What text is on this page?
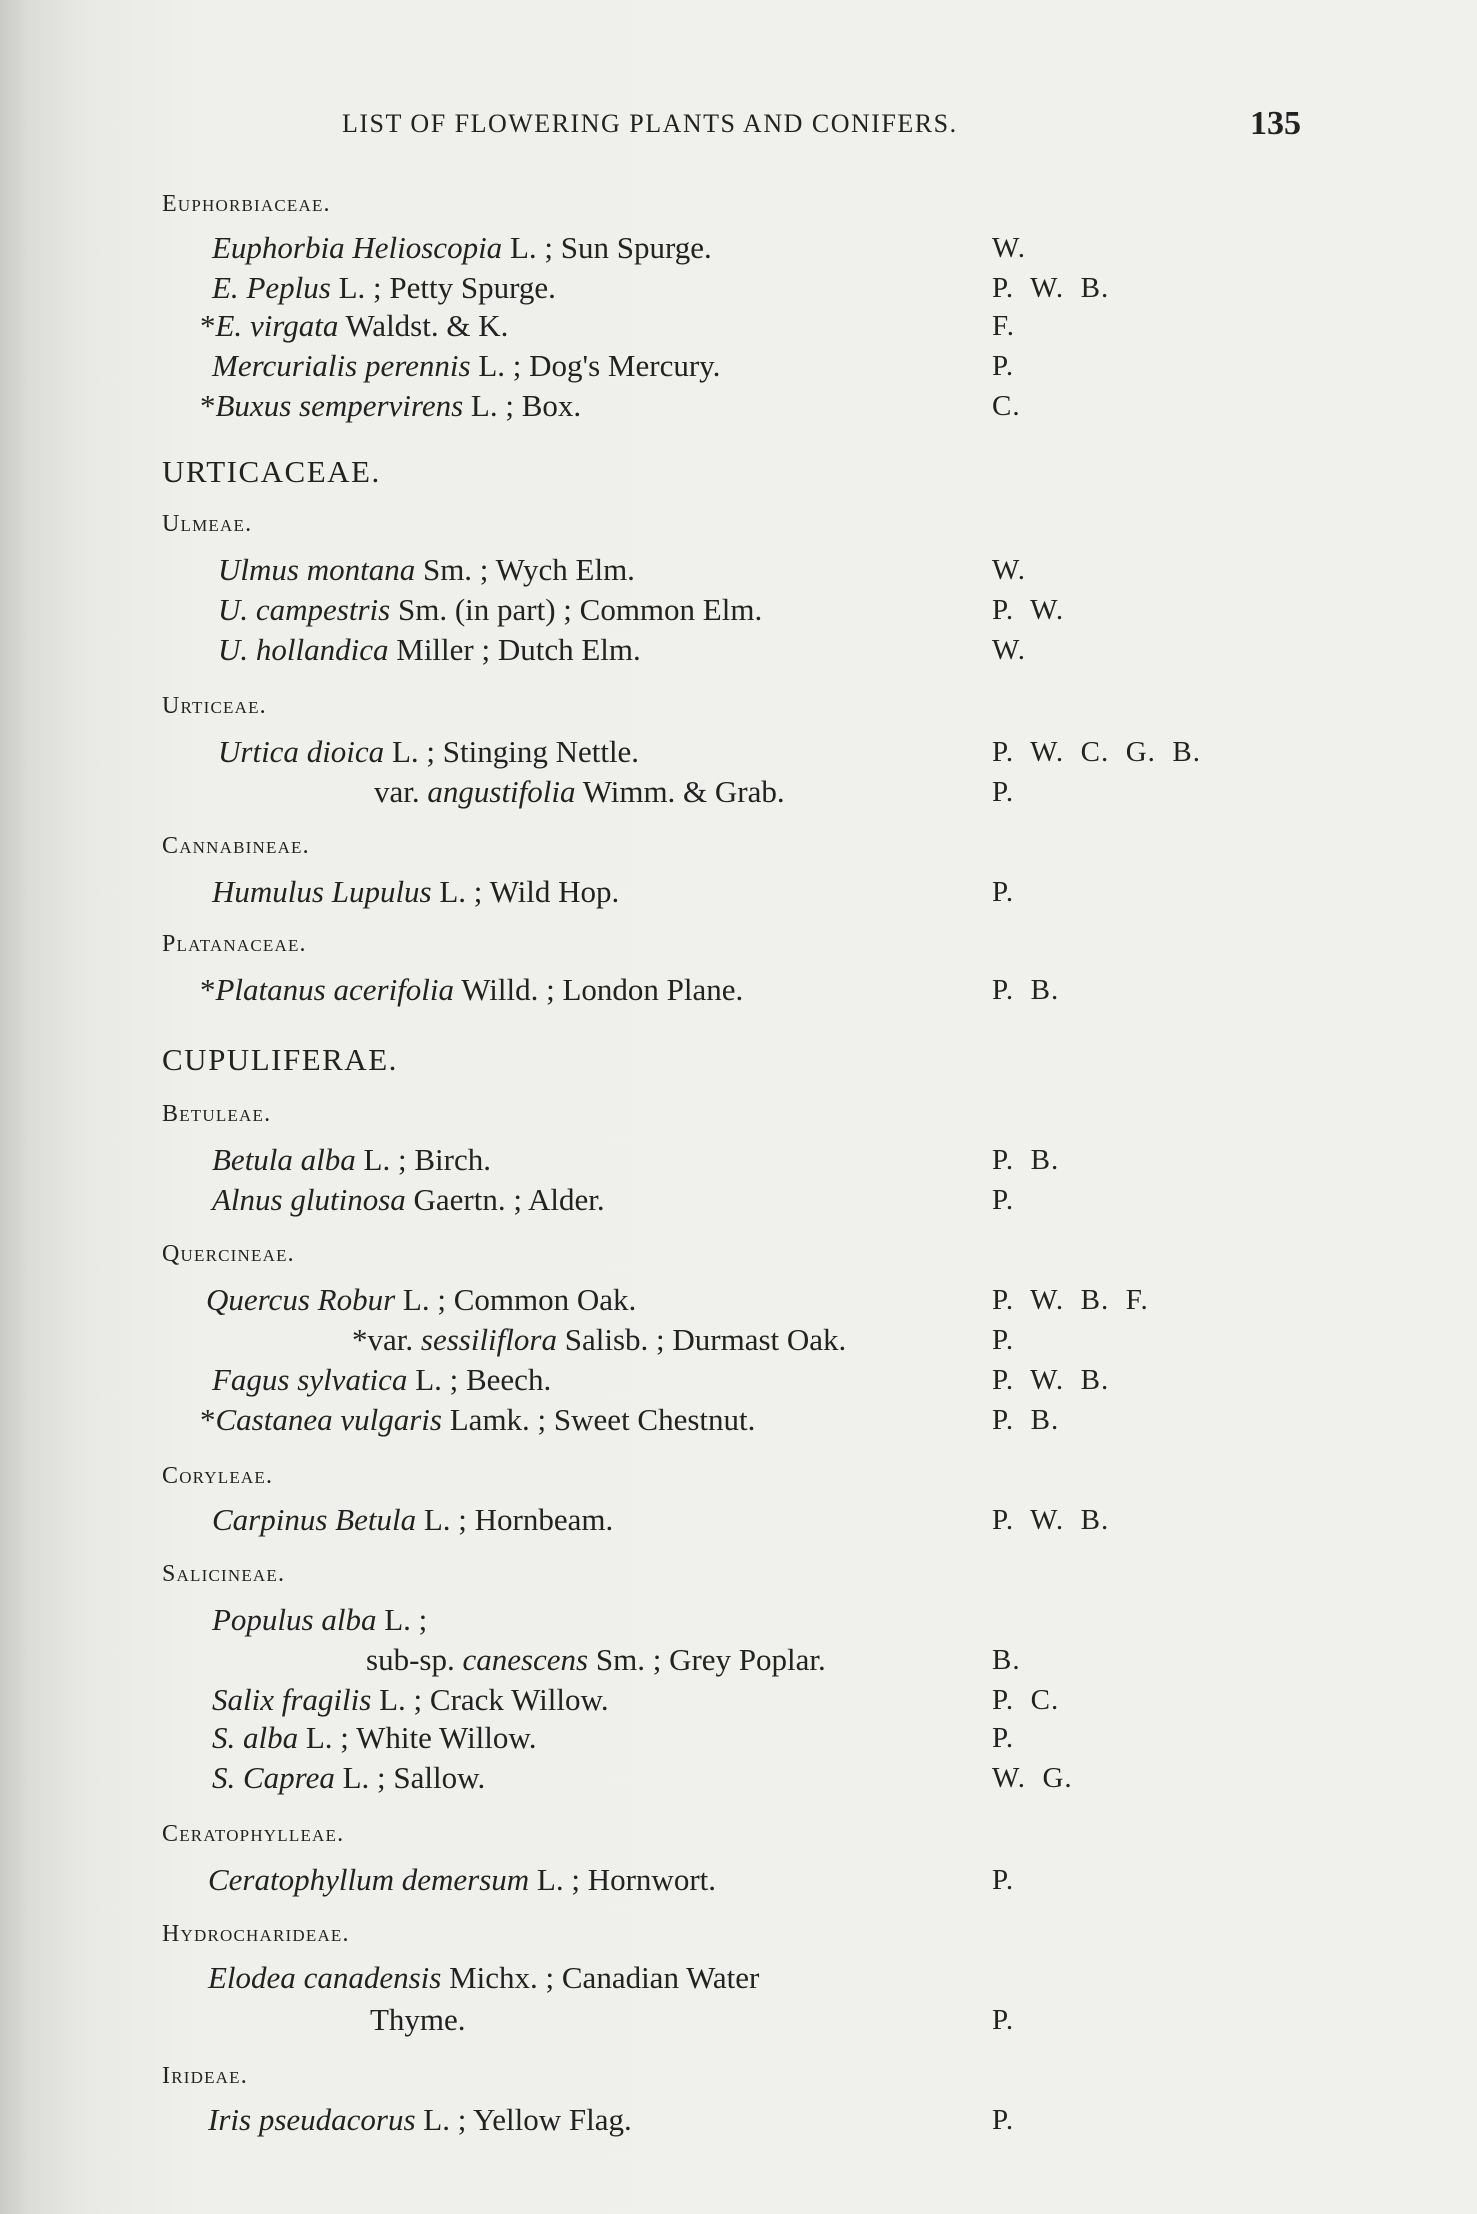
LIST OF FLOWERING PLANTS AND CONIFERS.	135
Euphorbiaceae.
Euphorbia Helioscopia L. ; Sun Spurge.	W.
E. Peplus L. ; Petty Spurge.	P.  W.  B.
*E. virgata Waldst. & K.	F.
Mercurialis perennis L. ; Dog's Mercury.	P.
*Buxus sempervirens L. ; Box.	C.
URTICACEAE.
Ulmeae.
Ulmus montana Sm. ; Wych Elm.	W.
U. campestris Sm. (in part) ; Common Elm.	P.  W.
U. hollandica Miller ; Dutch Elm.	W.
Urticeae.
Urtica dioica L. ; Stinging Nettle.	P.  W.  C.  G.  B.
var. angustifolia Wimm. & Grab.	P.
Cannabineae.
Humulus Lupulus L. ; Wild Hop.	P.
Platanaceae.
*Platanus acerifolia Willd. ; London Plane.	P.  B.
CUPULIFERAE.
Betuleae.
Betula alba L. ; Birch.	P.  B.
Alnus glutinosa Gaertn. ; Alder.	P.
Quercineae.
Quercus Robur L. ; Common Oak.	P.  W.  B.  F.
*var. sessiliflora Salisb. ; Durmast Oak.	P.
Fagus sylvatica L. ; Beech.	P.  W.  B.
*Castanea vulgaris Lamk. ; Sweet Chestnut.	P.  B.
Coryleae.
Carpinus Betula L. ; Hornbeam.	P.  W.  B.
Salicineae.
Populus alba L. ;
sub-sp. canescens Sm. ; Grey Poplar.	B.
Salix fragilis L. ; Crack Willow.	P.  C.
S. alba L. ; White Willow.	P.
S. Caprea L. ; Sallow.	W.  G.
Ceratophylleae.
Ceratophyllum demersum L. ; Hornwort.	P.
Hydrocharideae.
Elodea canadensis Michx. ; Canadian Water
Thyme.	P.
Irideae.
Iris pseudacorus L. ; Yellow Flag.	P.
